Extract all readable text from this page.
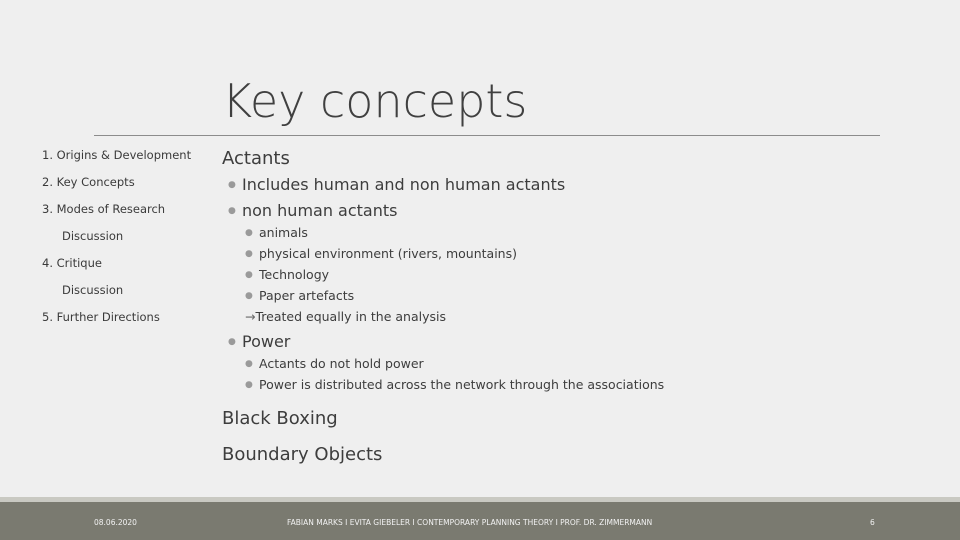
Key concepts
1. Origins & Development
2. Key Concepts
3. Modes of Research
Discussion
4. Critique
Discussion
5. Further Directions
Actants
● Includes human and non human actants
● non human actants
● animals
● physical environment (rivers, mountains)
● Technology
● Paper artefacts
→Treated equally in the analysis
● Power
● Actants do not hold power
● Power is distributed across the network through the associations
Black Boxing
Boundary Objects
08.06.2020	FABIAN MARKS I EVITA GIEBELER I CONTEMPORARY PLANNING THEORY I PROF. DR. ZIMMERMANN	6
